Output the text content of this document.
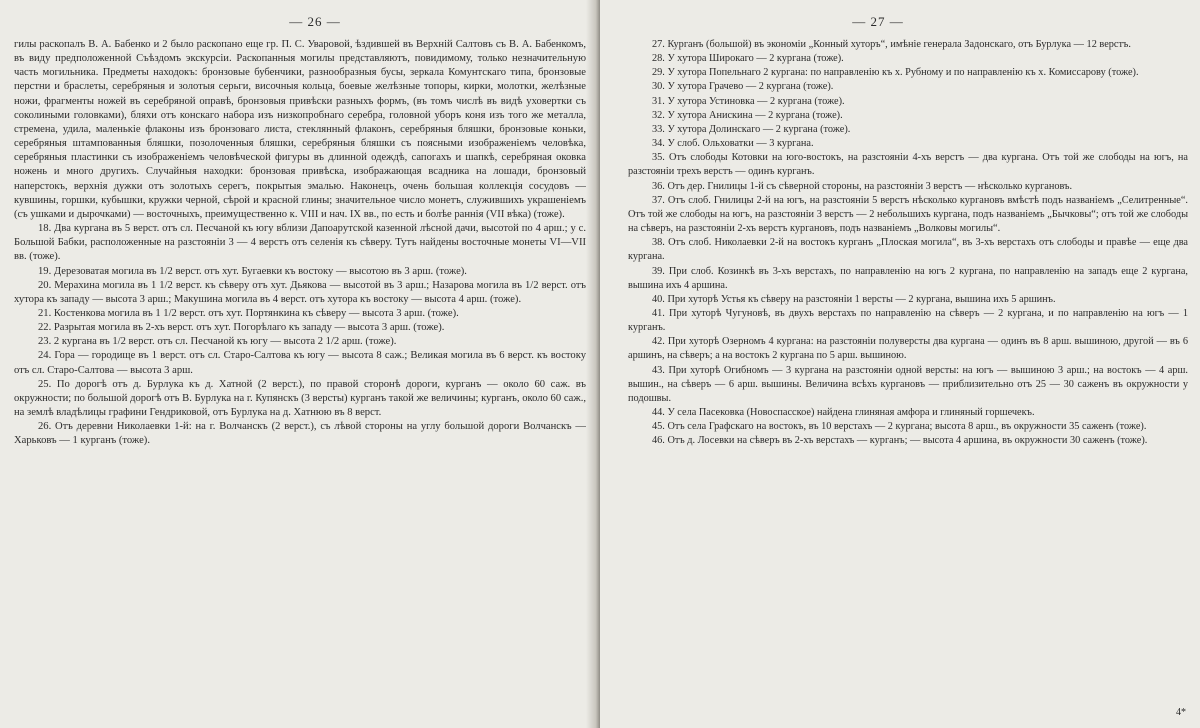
— 26 —

гилы раскопалъ В. А. Бабенко и 2 было раскопано еще гр. П. С. Уваровой, ѣздившей въ Верхній Салтовъ съ В. А. Бабенкомъ, въ виду предположенной Съѣздомъ экскурсіи. Раскопанныя могилы представляютъ, повидимому, только незначительную часть могильника. Предметы находокъ: бронзовые бубенчики, разнообразныя бусы, зеркала Комунтскаго типа, бронзовые перстни и браслеты, серебряныя и золотыя серьги, височныя кольца, боевые желѣзные топоры, кирки, молотки, желѣзные ножи, фрагменты ножей въ серебряной оправѣ, бронзовыя привѣски разныхъ формъ, (въ томъ числѣ въ видѣ уховертки съ соколиными головками), бляхи отъ конскаго набора изъ низкопробнаго серебра, головной уборъ коня изъ того же металла, стремена, удила, маленькіе флаконы изъ бронзоваго листа, стеклянный флаконъ, серебряныя бляшки, бронзовые коньки, серебряныя штампованныя бляшки, позолоченныя бляшки, серебряныя бляшки съ поясными изображеніемъ человѣка, серебряныя пластинки съ изображеніемъ человѣческой фигуры въ длинной одеждѣ, сапогахъ и шапкѣ, серебряная оковка ножень и много другихъ. Случайныя находки: бронзовая привѣска, изображающая всадника на лошади, бронзовый наперстокъ, верхнія дужки отъ золотыхъ серегъ, покрытыя эмалью. Наконецъ, очень большая коллекція сосудовъ — кувшины, горшки, кубышки, кружки черной, сѣрой и красной глины; значительное число монетъ, служившихъ украшеніемъ (съ ушками и дырочками) — восточныхъ, преимущественно к. VIII и нач. IX вв., по есть и болѣе раннія (VII вѣка) (тоже).

18. Два кургана въ 5 верст. отъ сл. Песчаной къ югу вблизи Дапоарутской казенной лѣсной дачи, высотой по 4 арш.; у с. Большой Бабки, расположенные на разстояніи 3 — 4 верстъ отъ селенія къ сѣверу. Тутъ найдены восточные монеты VI—VII вв. (тоже).

19. Дерезоватая могила въ 1/2 верст. отъ хут. Бугаевки къ востоку — высотою въ 3 арш. (тоже).

20. Мерахина могила въ 1 1/2 верст. къ сѣверу отъ хут. Дьякова — высотой въ 3 арш.; Назарова могила въ 1/2 верст. отъ хутора къ западу — высота 3 арш.; Макушина могила въ 4 верст. отъ хутора къ востоку — высота 4 арш. (тоже).

21. Костенкова могила въ 1 1/2 верст. отъ хут. Портянкина къ сѣверу — высота 3 арш. (тоже).

22. Разрытая могила въ 2-хъ верст. отъ хут. Погорѣлаго къ западу — высота 3 арш. (тоже).

23. 2 кургана въ 1/2 верст. отъ сл. Песчаной къ югу — высота 2 1/2 арш. (тоже).

24. Гора — городище въ 1 верст. отъ сл. Старо-Салтова къ югу — высота 8 саж.; Великая могила въ 6 верст. къ востоку отъ сл. Старо-Салтова — высота 3 арш.

25. По дорогѣ отъ д. Бурлука къ д. Хатной (2 верст.), по правой сторонѣ дороги, курганъ — около 60 саж. въ окружности; по большой дорогѣ отъ В. Бурлука на г. Купянскъ (3 версты) курганъ такой же величины; курганъ, около 60 саж., на землѣ владѣлицы графини Гендриковой, отъ Бурлука на д. Хатнюю въ 8 верст.

26. Отъ деревни Николаевки 1-й: на г. Волчанскъ (2 верст.), съ лѣвой стороны на углу большой дороги Волчанскъ — Харьковъ — 1 курганъ (тоже).

— 27 —

27. Курганъ (большой) въ экономіи „Конный хуторъ“, имѣніе генерала Задонскаго, отъ Бурлука — 12 верстъ.

28. У хутора Широкаго — 2 кургана (тоже).

29. У хутора Попельнаго 2 кургана: по направленію къ х. Рубному и по направленію къ х. Комиссарову (тоже).

30. У хутора Грачево — 2 кургана (тоже).

31. У хутора Устиновка — 2 кургана (тоже).

32. У хутора Анискина — 2 кургана (тоже).

33. У хутора Долинскаго — 2 кургана (тоже).

34. У слоб. Ольховатки — 3 кургана.

35. Отъ слободы Котовки на юго-востокъ, на разстояніи 4-хъ верстъ — два кургана. Отъ той же слободы на югъ, на разстояніи трехъ верстъ — одинъ курганъ.

36. Отъ дер. Гнилицы 1-й съ сѣверной стороны, на разстояніи 3 верстъ — нѣсколько кургановъ.

37. Отъ слоб. Гнилицы 2-й на югъ, на разстояніи 5 верстъ нѣсколько кургановъ вмѣстѣ подъ названіемъ „Селитренные“. Отъ той же слободы на югъ, на разстояніи 3 верстъ — 2 небольшихъ кургана, подъ названіемъ „Бычковы“; отъ той же слободы на сѣверъ, на разстояніи 2-хъ верстъ кургановъ, подъ названіемъ „Волковы могилы“.

38. Отъ слоб. Николаевки 2-й на востокъ курганъ „Плоская могила“, въ 3-хъ верстахъ отъ слободы и правѣе — еще два кургана.

39. При слоб. Козинкѣ въ 3-хъ верстахъ, по направленію на югъ 2 кургана, по направленію на западъ еще 2 кургана, вышина ихъ 4 аршина.

40. При хуторѣ Устья къ сѣверу на разстояніи 1 версты — 2 кургана, вышина ихъ 5 аршинъ.

41. При хуторѣ Чугуновѣ, въ двухъ верстахъ по направленію на сѣверъ — 2 кургана, и по направленію на югъ — 1 курганъ.

42. При хуторѣ Озерномъ 4 кургана: на разстояніи полуверсты два кургана — одинъ въ 8 арш. вышиною, другой — въ 6 аршинъ, на сѣверъ; а на востокъ 2 кургана по 5 арш. вышиною.

43. При хуторѣ Огибномъ — 3 кургана на разстояніи одной версты: на югъ — вышиною 3 арш.; на востокъ — 4 арш. вышин., на сѣверъ — 6 арш. вышины. Величина всѣхъ кургановъ — приблизительно отъ 25 — 30 саженъ въ окружности у подошвы.

44. У села Пасековка (Новоспасское) найдена глиняная амфора и глиняный горшечекъ.

45. Отъ села Графскаго на востокъ, въ 10 верстахъ — 2 кургана; высота 8 арш., въ окружности 35 саженъ (тоже).

46. Отъ д. Лосевки на сѣверъ въ 2-хъ верстахъ — курганъ; — высота 4 аршина, въ окружности 30 саженъ (тоже).

4*
